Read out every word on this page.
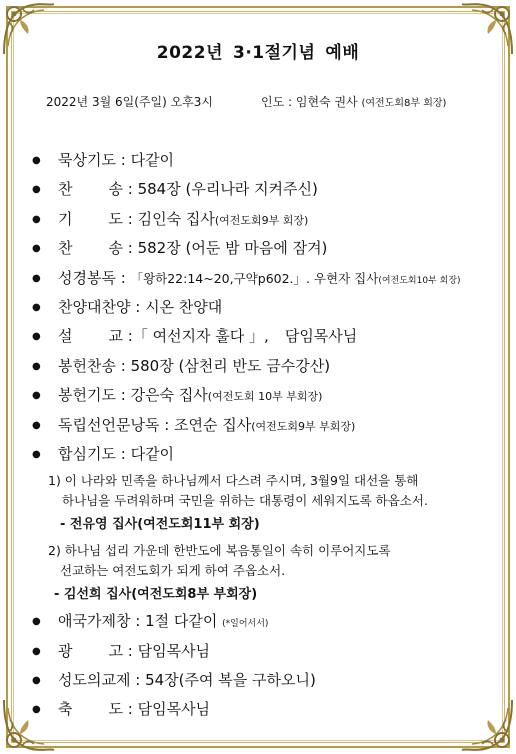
2022년 3·1절기념 예배
2022년 3월 6일(주일) 오후3시	인도 : 임현숙 권사 (여전도회8부 회장)
● 묵상기도 : 다같이
● 찬 송 : 584장 (우리나라 지켜주신)
● 기 도 : 김인숙 집사(여전도회9부 회장)
● 찬 송 : 582장 (어둔 밤 마음에 잠겨)
● 성경봉독 : 「왕하22:14~20,구약p602.」. 우현자 집사(여전도회10부 회장)
● 찬양대찬양 : 시온 찬양대
● 설 교 :「 여선지자 훌다 」, 담임목사님
● 봉헌찬송 : 580장 (삼천리 반도 금수강산)
● 봉헌기도 : 강은숙 집사(여전도회 10부 부회장)
● 독립선언문낭독 : 조연순 집사(여전도회9부 부회장)
● 합심기도 : 다같이
1) 이 나라와 민족을 하나님께서 다스려 주시며, 3월9일 대선을 통해
하나님을 두려워하며 국민을 위하는 대통령이 세워지도록 하옵소서.
- 전유영 집사(여전도회11부 회장)
2) 하나님 섭리 가운데 한반도에 복음통일이 속히 이루어지도록
선교하는 여전도회가 되게 하여 주옵소서.
- 김선희 집사(여전도회8부 부회장)
● 애국가제창 : 1절 다같이 (*일어서서)
● 광 고 : 담임목사님
● 성도의교제 : 54장(주여 복을 구하오니)
● 축 도 : 담임목사님
